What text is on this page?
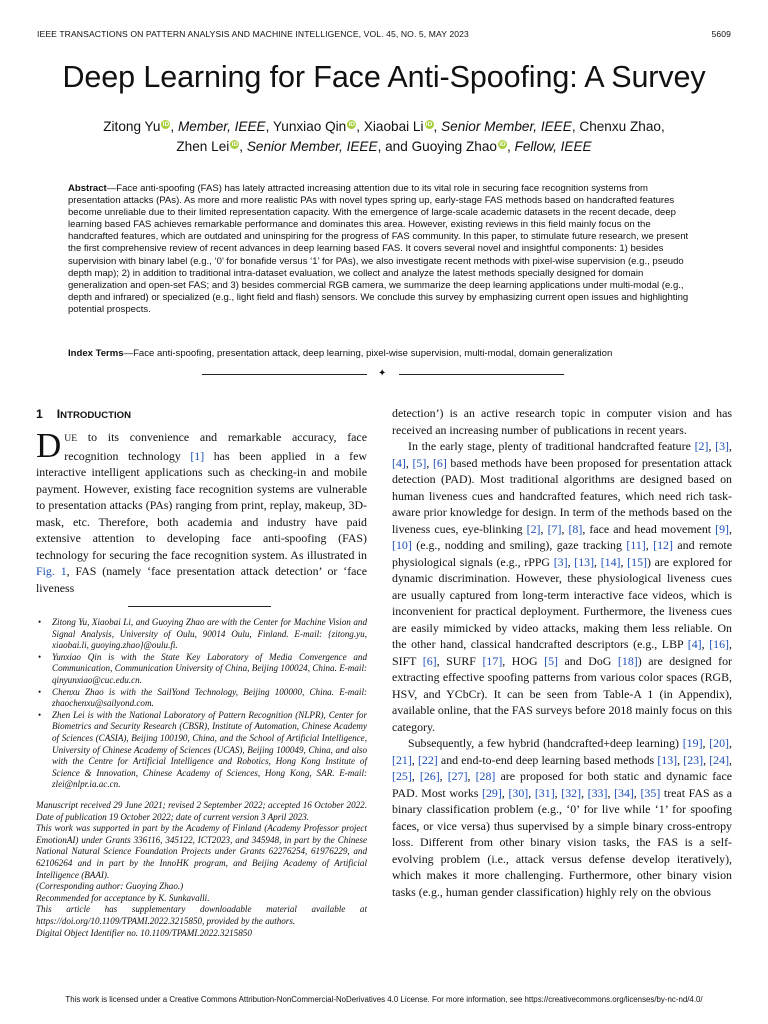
IEEE TRANSACTIONS ON PATTERN ANALYSIS AND MACHINE INTELLIGENCE, VOL. 45, NO. 5, MAY 2023	5609
Deep Learning for Face Anti-Spoofing: A Survey
Zitong Yu iD, Member, IEEE, Yunxiao Qin iD, Xiaobai Li iD, Senior Member, IEEE, Chenxu Zhao,
Zhen Lei iD, Senior Member, IEEE, and Guoying Zhao iD, Fellow, IEEE
Abstract—Face anti-spoofing (FAS) has lately attracted increasing attention due to its vital role in securing face recognition systems from presentation attacks (PAs). As more and more realistic PAs with novel types spring up, early-stage FAS methods based on handcrafted features become unreliable due to their limited representation capacity. With the emergence of large-scale academic datasets in the recent decade, deep learning based FAS achieves remarkable performance and dominates this area. However, existing reviews in this field mainly focus on the handcrafted features, which are outdated and uninspiring for the progress of FAS community. In this paper, to stimulate future research, we present the first comprehensive review of recent advances in deep learning based FAS. It covers several novel and insightful components: 1) besides supervision with binary label (e.g., ‘0’ for bonafide versus ‘1’ for PAs), we also investigate recent methods with pixel-wise supervision (e.g., pseudo depth map); 2) in addition to traditional intra-dataset evaluation, we collect and analyze the latest methods specially designed for domain generalization and open-set FAS; and 3) besides commercial RGB camera, we summarize the deep learning applications under multi-modal (e.g., depth and infrared) or specialized (e.g., light field and flash) sensors. We conclude this survey by emphasizing current open issues and highlighting potential prospects.
Index Terms—Face anti-spoofing, presentation attack, deep learning, pixel-wise supervision, multi-modal, domain generalization
✦
1 INTRODUCTION
DUE to its convenience and remarkable accuracy, face recognition technology [1] has been applied in a few interactive intelligent applications such as checking-in and mobile payment. However, existing face recognition systems are vulnerable to presentation attacks (PAs) ranging from print, replay, makeup, 3D-mask, etc. Therefore, both academia and industry have paid extensive attention to developing face anti-spoofing (FAS) technology for securing the face recognition system. As illustrated in Fig. 1, FAS (namely ‘face presentation attack detection’ or ‘face liveness
• Zitong Yu, Xiaobai Li, and Guoying Zhao are with the Center for Machine Vision and Signal Analysis, University of Oulu, 90014 Oulu, Finland. E-mail: {zitong.yu, xiaobai.li, guoying.zhao}@oulu.fi.
• Yunxiao Qin is with the State Key Laboratory of Media Convergence and Communication, Communication University of China, Beijing 100024, China. E-mail: qinyunxiao@cuc.edu.cn.
• Chenxu Zhao is with the SailYond Technology, Beijing 100000, China. E-mail: zhaochenxu@sailyond.com.
• Zhen Lei is with the National Laboratory of Pattern Recognition (NLPR), Center for Biometrics and Security Research (CBSR), Institute of Automation, Chinese Academy of Sciences (CASIA), Beijing 100190, China, and the School of Artificial Intelligence, University of Chinese Academy of Sciences (UCAS), Beijing 100049, China, and also with the Centre for Artificial Intelligence and Robotics, Hong Kong Institute of Science & Innovation, Chinese Academy of Sciences, Hong Kong, SAR. E-mail: zlei@nlpr.ia.ac.cn.
Manuscript received 29 June 2021; revised 2 September 2022; accepted 16 October 2022. Date of publication 19 October 2022; date of current version 3 April 2023.
This work was supported in part by the Academy of Finland (Academy Professor project EmotionAI) under Grants 336116, 345122, ICT2023, and 345948, in part by the Chinese National Natural Science Foundation Projects under Grants 62276254, 61976229, and 62106264 and in part by the InnoHK program, and Beijing Academy of Artificial Intelligence (BAAI).
(Corresponding author: Guoying Zhao.)
Recommended for acceptance by K. Sunkavalli.
This article has supplementary downloadable material available at https://doi.org/10.1109/TPAMI.2022.3215850, provided by the authors.
Digital Object Identifier no. 10.1109/TPAMI.2022.3215850
detection’) is an active research topic in computer vision and has received an increasing number of publications in recent years.
In the early stage, plenty of traditional handcrafted feature [2], [3], [4], [5], [6] based methods have been proposed for presentation attack detection (PAD). Most traditional algorithms are designed based on human liveness cues and handcrafted features, which need rich task-aware prior knowledge for design. In term of the methods based on the liveness cues, eye-blinking [2], [7], [8], face and head movement [9], [10] (e.g., nodding and smiling), gaze tracking [11], [12] and remote physiological signals (e.g., rPPG [3], [13], [14], [15]) are explored for dynamic discrimination. However, these physiological liveness cues are usually captured from long-term interactive face videos, which is inconvenient for practical deployment. Furthermore, the liveness cues are easily mimicked by video attacks, making them less reliable. On the other hand, classical handcrafted descriptors (e.g., LBP [4], [16], SIFT [6], SURF [17], HOG [5] and DoG [18]) are designed for extracting effective spoofing patterns from various color spaces (RGB, HSV, and YCbCr). It can be seen from Table-A 1 (in Appendix), available online, that the FAS surveys before 2018 mainly focus on this category.
Subsequently, a few hybrid (handcrafted+deep learning) [19], [20], [21], [22] and end-to-end deep learning based methods [13], [23], [24], [25], [26], [27], [28] are proposed for both static and dynamic face PAD. Most works [29], [30], [31], [32], [33], [34], [35] treat FAS as a binary classification problem (e.g., ‘0’ for live while ‘1’ for spoofing faces, or vice versa) thus supervised by a simple binary cross-entropy loss. Different from other binary vision tasks, the FAS is a self-evolving problem (i.e., attack versus defense develop iteratively), which makes it more challenging. Furthermore, other binary vision tasks (e.g., human gender classification) highly rely on the obvious
This work is licensed under a Creative Commons Attribution-NonCommercial-NoDerivatives 4.0 License. For more information, see https://creativecommons.org/licenses/by-nc-nd/4.0/
